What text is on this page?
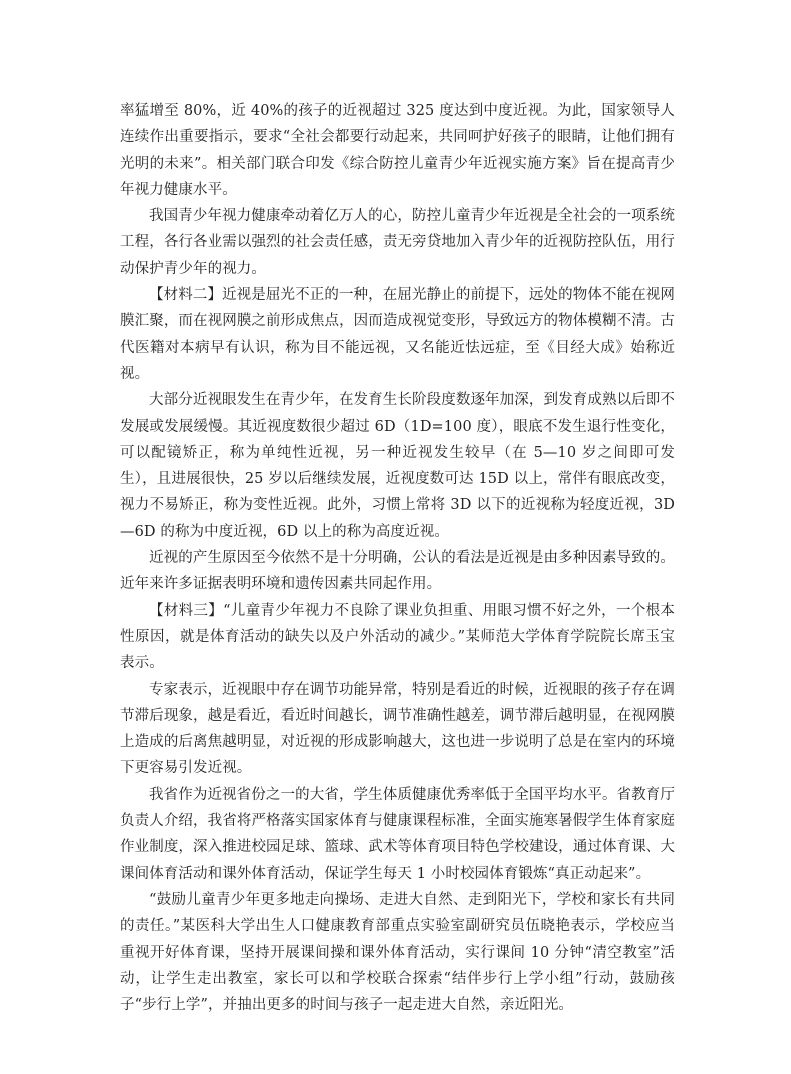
率猛增至 80%，近 40%的孩子的近视超过 325 度达到中度近视。为此，国家领导人连续作出重要指示，要求“全社会都要行动起来，共同呵护好孩子的眼睛，让他们拥有光明的未来”。相关部门联合印发《综合防控儿童青少年近视实施方案》旨在提高青少年视力健康水平。

我国青少年视力健康牵动着亿万人的心，防控儿童青少年近视是全社会的一项系统工程，各行各业需以强烈的社会责任感，责无旁贷地加入青少年的近视防控队伍，用行动保护青少年的视力。

【材料二】近视是屈光不正的一种，在屈光静止的前提下，远处的物体不能在视网膜汇聚，而在视网膜之前形成焦点，因而造成视觉变形，导致远方的物体模糊不清。古代医籍对本病早有认识，称为目不能远视，又名能近怯远症，至《目经大成》始称近视。

大部分近视眼发生在青少年，在发育生长阶段度数逐年加深，到发育成熟以后即不发展或发展缓慢。其近视度数很少超过 6D（1D=100 度），眼底不发生退行性变化，可以配镜矫正，称为单纯性近视，另一种近视发生较早（在 5—10 岁之间即可发生），且进展很快，25 岁以后继续发展，近视度数可达 15D 以上，常伴有眼底改变，视力不易矫正，称为变性近视。此外，习惯上常将 3D 以下的近视称为轻度近视，3D—6D 的称为中度近视，6D 以上的称为高度近视。

近视的产生原因至今依然不是十分明确，公认的看法是近视是由多种因素导致的。近年来许多证据表明环境和遗传因素共同起作用。

【材料三】“儿童青少年视力不良除了课业负担重、用眼习惯不好之外，一个根本性原因，就是体育活动的缺失以及户外活动的减少。”某师范大学体育学院院长席玉宝表示。

专家表示，近视眼中存在调节功能异常，特别是看近的时候，近视眼的孩子存在调节滞后现象，越是看近，看近时间越长，调节准确性越差，调节滞后越明显，在视网膜上造成的后离焦越明显，对近视的形成影响越大，这也进一步说明了总是在室内的环境下更容易引发近视。

我省作为近视省份之一的大省，学生体质健康优秀率低于全国平均水平。省教育厅负责人介绍，我省将严格落实国家体育与健康课程标准，全面实施寒暑假学生体育家庭作业制度，深入推进校园足球、篮球、武术等体育项目特色学校建设，通过体育课、大课间体育活动和课外体育活动，保证学生每天 1 小时校园体育锻炼“真正动起来”。

“鼓励儿童青少年更多地走向操场、走进大自然、走到阳光下，学校和家长有共同的责任。”某医科大学出生人口健康教育部重点实验室副研究员伍晓艳表示，学校应当重视开好体育课，坚持开展课间操和课外体育活动，实行课间 10 分钟“清空教室”活动，让学生走出教室，家长可以和学校联合探索“结伴步行上学小组”行动，鼓励孩子“步行上学”，并抽出更多的时间与孩子一起走进大自然，亲近阳光。
